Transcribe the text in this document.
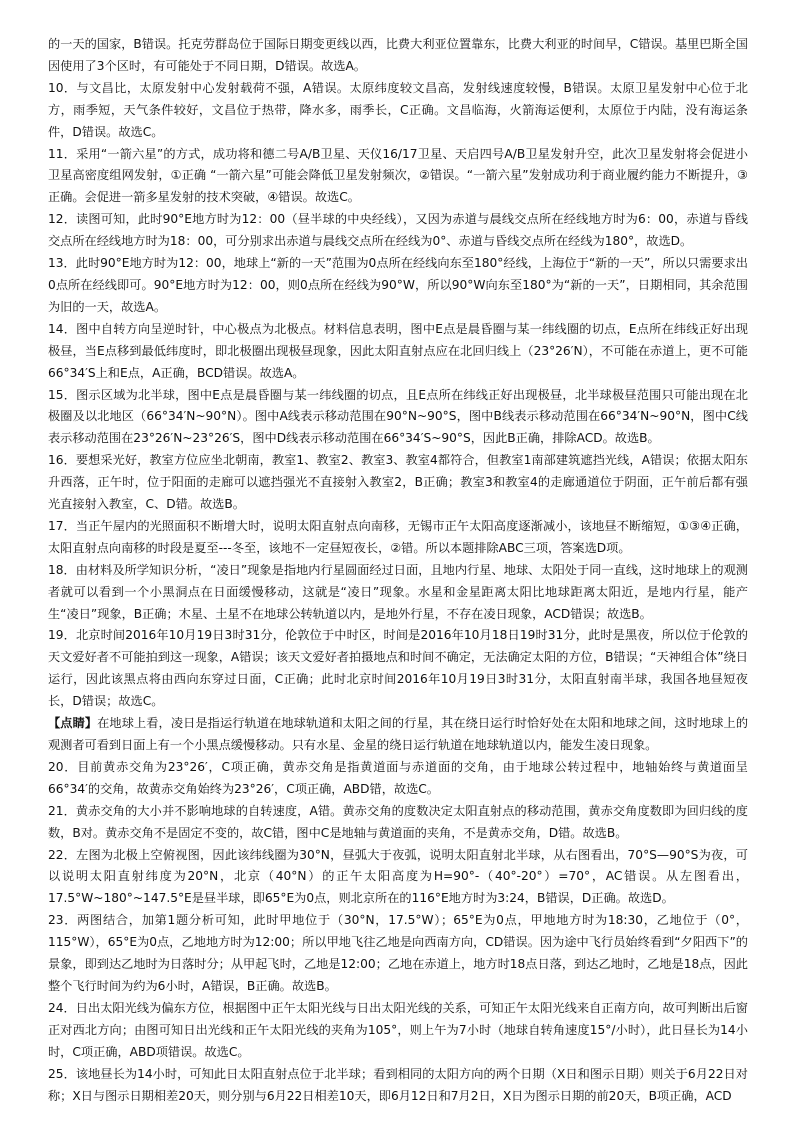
的一天的国家，B错误。托克劳群岛位于国际日期变更线以西，比费大利亚位置靠东，比费大利亚的时间早，C错误。基里巴斯全国因使用了3个区时，有可能处于不同日期，D错误。故选A。

10．与文昌比，太原发射中心发射载荷不强，A错误。太原纬度较文昌高，发射线速度较慢，B错误。太原卫星发射中心位于北方，雨季短，天气条件较好，文昌位于热带，降水多，雨季长，C正确。文昌临海，火箭海运便利，太原位于内陆，没有海运条件，D错误。故选C。

11．采用“一箭六星”的方式，成功将和德二号A/B卫星、天仪16/17卫星、天启四号A/B卫星发射升空，此次卫星发射将会促进小卫星高密度组网发射，①正确 “一箭六星”可能会降低卫星发射频次，②错误。“一箭六星”发射成功利于商业履约能力不断提升，③正确。会促进一箭多星发射的技术突破，④错误。故选C。

12．读图可知，此时90°E地方时为12：00（昼半球的中央经线），又因为赤道与晨线交点所在经线地方时为6：00，赤道与昏线交点所在经线地方时为18：00，可分别求出赤道与晨线交点所在经线为0°、赤道与昏线交点所在经线为180°，故选D。

13．此时90°E地方时为12：00，地球上“新的一天”范围为0点所在经线向东至180°经线，上海位于“新的一天”，所以只需要求出0点所在经线即可。90°E地方时为12：00，则0点所在经线为90°W，所以90°W向东至180°为“新的一天”，日期相同，其余范围为旧的一天，故选A。

14．图中自转方向呈逆时针，中心极点为北极点。材料信息表明，图中E点是晨昏圈与某一纬线圈的切点，E点所在纬线正好出现极昼，当E点移到最低纬度时，即北极圈出现极昼现象，因此太阳直射点应在北回归线上（23°26′N），不可能在赤道上，更不可能66°34′S上和E点，A正确，BCD错误。故选A。

15．图示区域为北半球，图中E点是晨昏圈与某一纬线圈的切点，且E点所在纬线正好出现极昼，北半球极昼范围只可能出现在北极圈及以北地区（66°34′N~90°N）。图中A线表示移动范围在90°N~90°S，图中B线表示移动范围在66°34′N~90°N，图中C线表示移动范围在23°26′N~23°26′S，图中D线表示移动范围在66°34′S~90°S，因此B正确，排除ACD。故选B。

16．要想采光好，教室方位应坐北朝南，教室1、教室2、教室3、教室4都符合，但教室1南部建筑遮挡光线，A错误；依据太阳东升西落，正午时，位于阳面的走廊可以遮挡强光不直接射入教室2，B正确；教室3和教室4的走廊通道位于阴面，正午前后都有强光直接射入教室，C、D错。故选B。

17．当正午屋内的光照面积不断增大时，说明太阳直射点向南移，无锡市正午太阳高度逐渐减小，该地昼不断缩短，①③④正确，太阳直射点向南移的时段是夏至---冬至，该地不一定昼短夜长，②错。所以本题排除ABC三项，答案选D项。

18．由材料及所学知识分析，“凌日”现象是指地内行星圆面经过日面，且地内行星、地球、太阳处于同一直线，这时地球上的观测者就可以看到一个小黑洞点在日面缓慢移动，这就是“凌日”现象。水星和金星距离太阳比地球距离太阳近，是地内行星，能产生“凌日”现象，B正确；木星、土星不在地球公转轨道以内，是地外行星，不存在凌日现象，ACD错误；故选B。

19．北京时间2016年10月19日3时31分，伦敦位于中时区，时间是2016年10月18日19时31分，此时是黑夜，所以位于伦敦的天文爱好者不可能拍到这一现象，A错误；该天文爱好者拍摄地点和时间不确定，无法确定太阳的方位，B错误；“天神组合体”绕日运行，因此该黑点将由西向东穿过日面，C正确；此时北京时间2016年10月19日3时31分，太阳直射南半球，我国各地昼短夜长，D错误；故选C。

【点睛】在地球上看，凌日是指运行轨道在地球轨道和太阳之间的行星，其在绕日运行时恰好处在太阳和地球之间，这时地球上的观测者可看到日面上有一个小黑点缓慢移动。只有水星、金星的绕日运行轨道在地球轨道以内，能发生凌日现象。

20．目前黄赤交角为23°26′，C项正确，黄赤交角是指黄道面与赤道面的交角，由于地球公转过程中，地轴始终与黄道面呈66°34′的交角，故黄赤交角始终为23°26′，C项正确，ABD错，故选C。

21．黄赤交角的大小并不影响地球的自转速度，A错。黄赤交角的度数决定太阳直射点的移动范围，黄赤交角度数即为回归线的度数，B对。黄赤交角不是固定不变的，故C错，图中C是地轴与黄道面的夹角，不是黄赤交角，D错。故选B。

22．左图为北极上空俯视图，因此该纬线圈为30°N，昼弧大于夜弧，说明太阳直射北半球，从右图看出，70°S—90°S为夜，可以说明太阳直射纬度为20°N，北京（40°N）的正午太阳高度为H=90°-（40°-20°）=70°，AC错误。从左图看出，17.5°W~180°~147.5°E是昼半球，即65°E为0点，则北京所在的116°E地方时为3:24，B错误，D正确。故选D。

23．两图结合，加第1题分析可知，此时甲地位于（30°N，17.5°W）；65°E为0点，甲地地方时为18:30，乙地位于（0°，115°W），65°E为0点，乙地地方时为12:00；所以甲地飞往乙地是向西南方向，CD错误。因为途中飞行员始终看到“夕阳西下”的景象，即到达乙地时为日落时分；从甲起飞时，乙地是12:00；乙地在赤道上，地方时18点日落，到达乙地时，乙地是18点，因此整个飞行时间为约为6小时，A错误，B正确。故选B。

24．日出太阳光线为偏东方位，根据图中正午太阳光线与日出太阳光线的关系，可知正午太阳光线来自正南方向，故可判断出后窗正对西北方向；由图可知日出光线和正午太阳光线的夹角为105°，则上午为7小时（地球自转角速度15°/小时），此日昼长为14小时，C项正确，ABD项错误。故选C。

25．该地昼长为14小时，可知此日太阳直射点位于北半球；看到相同的太阳方向的两个日期（X日和图示日期）则关于6月22日对称；X日与图示日期相差20天，则分别与6月22日相差10天，即6月12日和7月2日，X日为图示日期的前20天，B项正确，ACD
